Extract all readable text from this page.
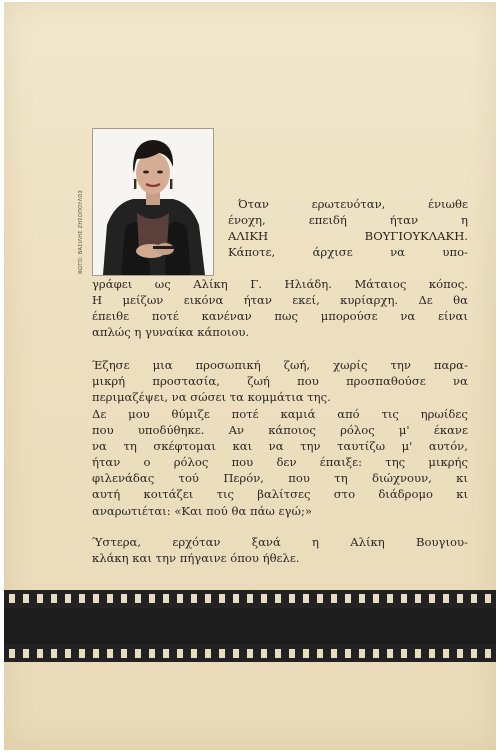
ΦΩΤΟ: ΒΑΣΙΛΗΣ ΖΗΣΟΠΟΥΛΟΣ	Όταν	ερωτευόταν,	ένιωθε
ένοχη,	επειδή	ήταν	η
ΑΛΙΚΗ	ΒΟΥΓΙΟΥΚΛΑΚΗ.
Κάποτε,	άρχισε	να	υπο-
γράφει ως Αλίκη Γ. Ηλιάδη. Μάταιος κόπος.
Η μείζων εικόνα ήταν εκεί, κυρίαρχη. Δε θα
έπειθε ποτέ κανέναν πως μπορούσε να είναι
απλώς η γυναίκα κάποιου.
Έζησε μια προσωπική ζωή, χωρίς την παρα-
μικρή προστασία, ζωή που προσπαθούσε να
περιμαζέψει, να σώσει τα κομμάτια της.
Δε μου θύμιζε ποτέ καμιά από τις ηρωίδες
που υποδύθηκε. Αν κάποιος ρόλος μ' έκανε
να τη σκέφτομαι και να την ταυτίζω μ' αυτόν,
ήταν ο ρόλος που δεν έπαιξε: της μικρής
φιλενάδας τού Περόν, που τη διώχνουν, κι
αυτή κοιτάζει τις βαλίτσες στο διάδρομο κι
αναρωτιέται: «Και πού θα πάω εγώ;»
Ύστερα,	ερχόταν	ξανά	η	Αλίκη	Βουγιου-
κλάκη και την πήγαινε όπου ήθελε.
